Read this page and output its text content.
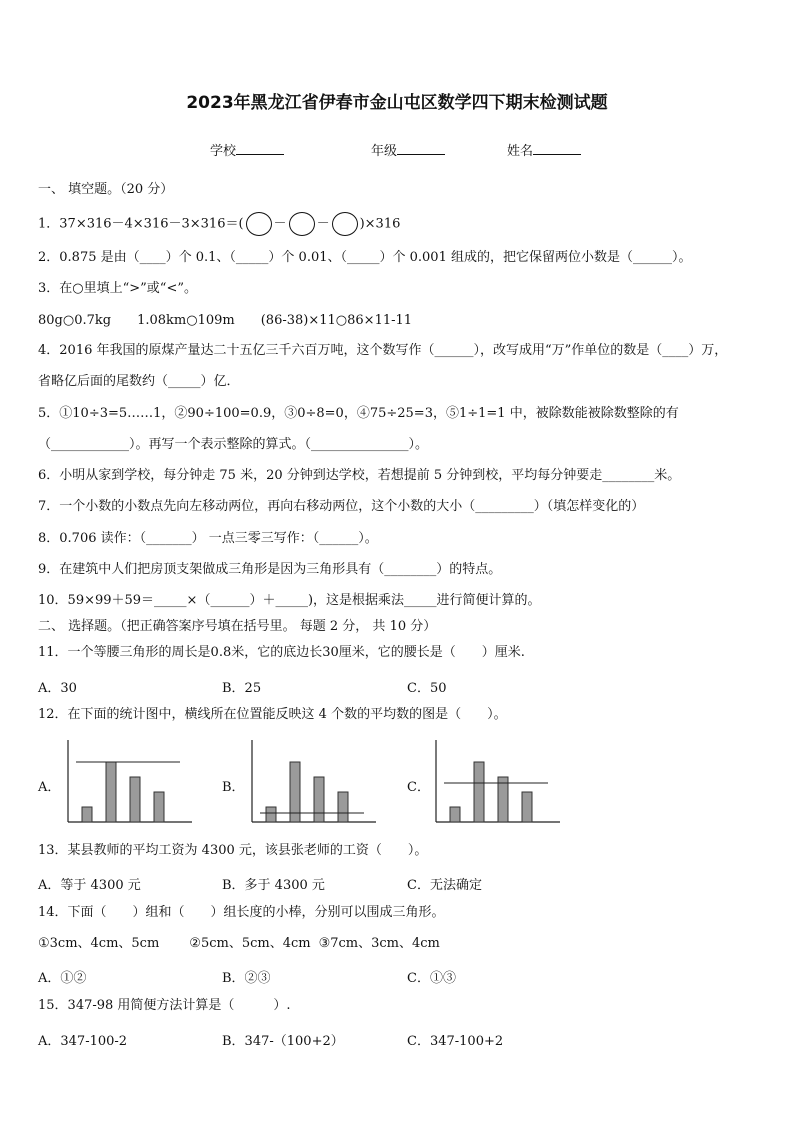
2023年黑龙江省伊春市金山屯区数学四下期末检测试题
学校	年级	姓名
一、 填空题。（20 分）
1．37×316－4×316－3×316＝( － － )×316
2．0.875 是由（____）个 0.1、（_____）个 0.01、（_____）个 0.001 组成的，把它保留两位小数是（______）。
3．在○里填上“>”或“<”。
80g○0.7kg 1.08km○109m (86-38)×11○86×11-11
4．2016 年我国的原煤产量达二十五亿三千六百万吨，这个数写作（______），改写成用“万”作单位的数是（____）万，
省略亿后面的尾数约（_____）亿．
5．①10÷3=5……1，②90÷100=0.9，③0÷8=0，④75÷25=3，⑤1÷1=1 中，被除数能被除数整除的有
（____________）。再写一个表示整除的算式。（_______________）。
6．小明从家到学校，每分钟走 75 米，20 分钟到达学校，若想提前 5 分钟到校，平均每分钟要走________米。
7．一个小数的小数点先向左移动两位，再向右移动两位，这个小数的大小（_________）（填怎样变化的）
8．0.706 读作：（_______） 一点三零三写作：（______）。
9．在建筑中人们把房顶支架做成三角形是因为三角形具有（________）的特点。
10．59×99＋59＝_____×（______）＋_____)，这是根据乘法_____进行简便计算的。
二、 选择题。（把正确答案序号填在括号里。 每题 2 分， 共 10 分）
11．一个等腰三角形的周长是0.8米，它的底边长30厘米，它的腰长是（　　）厘米.
A．30	B．25	C．50
12．在下面的统计图中，横线所在位置能反映这 4 个数的平均数的图是（　　）。
A．	B．	C．
13．某县教师的平均工资为 4300 元，该县张老师的工资（　　）。
A．等于 4300 元	B．多于 4300 元	C．无法确定
14．下面（　　）组和（　　）组长度的小棒，分别可以围成三角形。
①3cm、4cm、5cm ②5cm、5cm、4cm ③7cm、3cm、4cm
A．①②	B．②③	C．①③
15．347-98 用简便方法计算是（　　　）.
A．347-100-2	B．347-（100+2）	C．347-100+2
